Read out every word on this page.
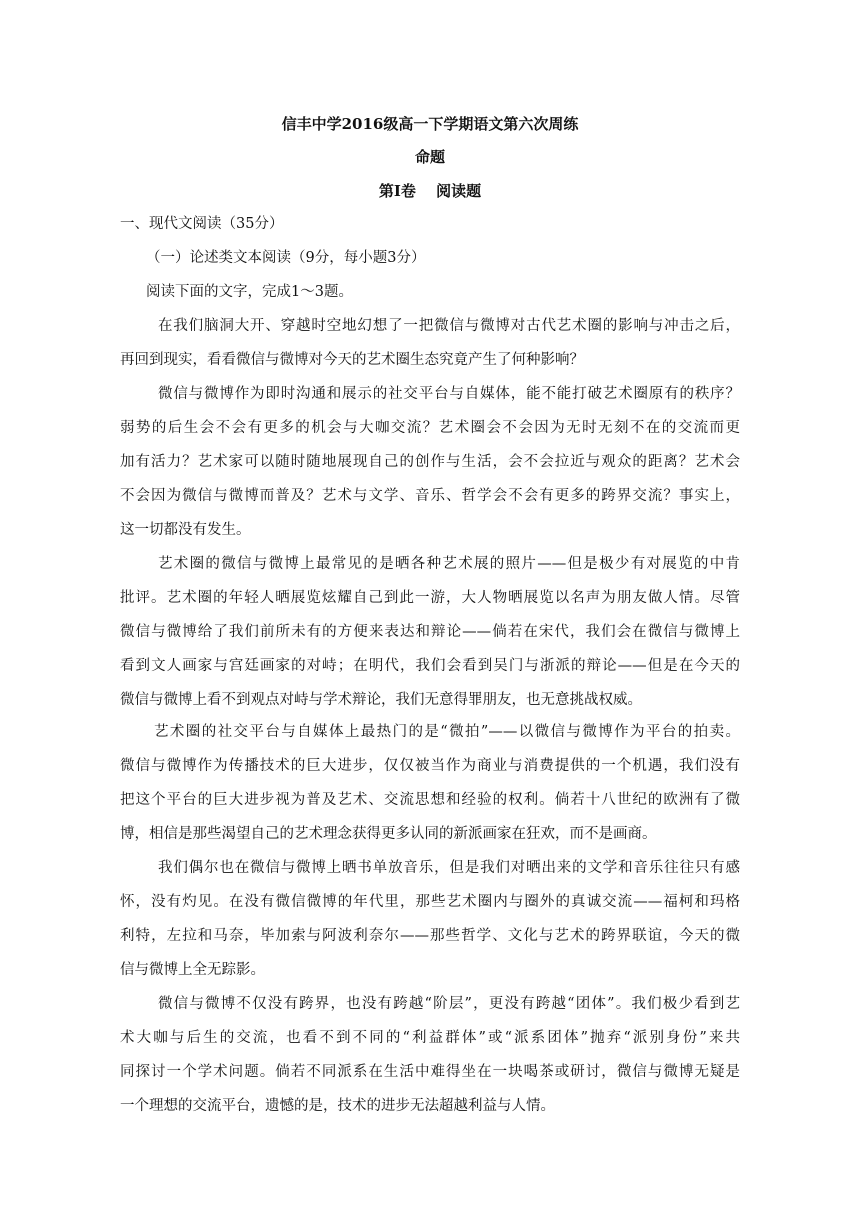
信丰中学2016级高一下学期语文第六次周练

命题

第Ⅰ卷　 阅读题

一、现代文阅读（35分）

（一）论述类文本阅读（9分，每小题3分）

阅读下面的文字，完成1～3题。

在我们脑洞大开、穿越时空地幻想了一把微信与微博对古代艺术圈的影响与冲击之后，

再回到现实，看看微信与微博对今天的艺术圈生态究竟产生了何种影响？

微信与微博作为即时沟通和展示的社交平台与自媒体，能不能打破艺术圈原有的秩序？

弱势的后生会不会有更多的机会与大咖交流？艺术圈会不会因为无时无刻不在的交流而更

加有活力？艺术家可以随时随地展现自己的创作与生活，会不会拉近与观众的距离？艺术会

不会因为微信与微博而普及？艺术与文学、音乐、哲学会不会有更多的跨界交流？事实上，

这一切都没有发生。

艺术圈的微信与微博上最常见的是晒各种艺术展的照片——但是极少有对展览的中肯

批评。艺术圈的年轻人晒展览炫耀自己到此一游，大人物晒展览以名声为朋友做人情。尽管

微信与微博给了我们前所未有的方便来表达和辩论——倘若在宋代，我们会在微信与微博上

看到文人画家与宫廷画家的对峙；在明代，我们会看到吴门与浙派的辩论——但是在今天的

微信与微博上看不到观点对峙与学术辩论，我们无意得罪朋友，也无意挑战权威。

艺术圈的社交平台与自媒体上最热门的是“微拍”——以微信与微博作为平台的拍卖。

微信与微博作为传播技术的巨大进步，仅仅被当作为商业与消费提供的一个机遇，我们没有

把这个平台的巨大进步视为普及艺术、交流思想和经验的权利。倘若十八世纪的欧洲有了微

博，相信是那些渴望自己的艺术理念获得更多认同的新派画家在狂欢，而不是画商。

我们偶尔也在微信与微博上晒书单放音乐，但是我们对晒出来的文学和音乐往往只有感

怀，没有灼见。在没有微信微博的年代里，那些艺术圈内与圈外的真诚交流——福柯和玛格

利特，左拉和马奈，毕加索与阿波利奈尔——那些哲学、文化与艺术的跨界联谊，今天的微

信与微博上全无踪影。

微信与微博不仅没有跨界，也没有跨越“阶层”，更没有跨越“团体”。我们极少看到艺

术大咖与后生的交流，也看不到不同的“利益群体”或“派系团体”抛弃“派别身份”来共

同探讨一个学术问题。倘若不同派系在生活中难得坐在一块喝茶或研讨，微信与微博无疑是

一个理想的交流平台，遗憾的是，技术的进步无法超越利益与人情。
